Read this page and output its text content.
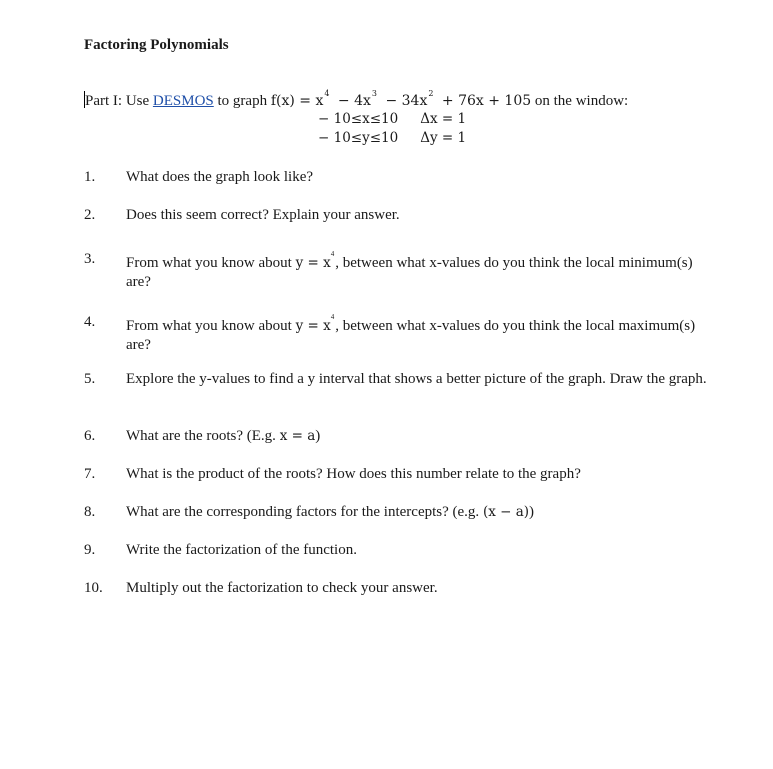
Factoring Polynomials
Part I: Use DESMOS to graph $f(x) = x^4 - 4x^3 - 34x^2 + 76x + 105$ on the window:
− 10≤x≤10 Δx = 1
− 10≤y≤10 Δy = 1
1. What does the graph look like?
2. Does this seem correct? Explain your answer.
3. From what you know about $y = x^4$, between what x-values do you think the local minimum(s) are?
4. From what you know about $y = x^4$, between what x-values do you think the local maximum(s) are?
5. Explore the y-values to find a y interval that shows a better picture of the graph. Draw the graph.
6. What are the roots? (E.g. x = a)
7. What is the product of the roots? How does this number relate to the graph?
8. What are the corresponding factors for the intercepts? (e.g. (x − a))
9. Write the factorization of the function.
10. Multiply out the factorization to check your answer.
